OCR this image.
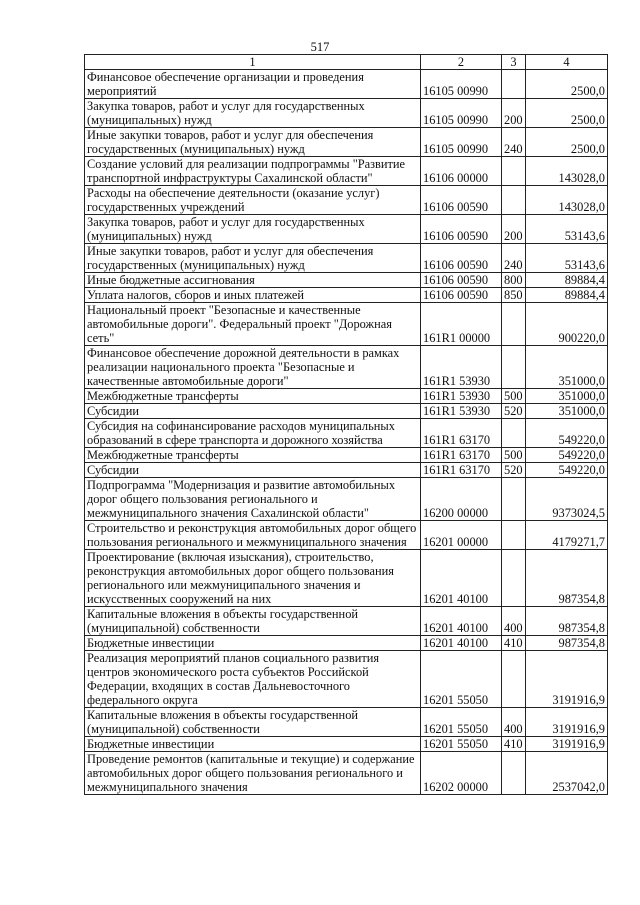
517
1	2	3	4
Финансовое обеспечение организации и проведения мероприятий	16105 00990		2500,0
Закупка товаров, работ и услуг для государственных (муниципальных) нужд	16105 00990	200	2500,0
Иные закупки товаров, работ и услуг для обеспечения государственных (муниципальных) нужд	16105 00990	240	2500,0
Создание условий для реализации подпрограммы "Развитие транспортной инфраструктуры Сахалинской области"	16106 00000		143028,0
Расходы на обеспечение деятельности (оказание услуг) государственных учреждений	16106 00590		143028,0
Закупка товаров, работ и услуг для государственных (муниципальных) нужд	16106 00590	200	53143,6
Иные закупки товаров, работ и услуг для обеспечения государственных (муниципальных) нужд	16106 00590	240	53143,6
Иные бюджетные ассигнования	16106 00590	800	89884,4
Уплата налогов, сборов и иных платежей	16106 00590	850	89884,4
Национальный проект "Безопасные и качественные автомобильные дороги". Федеральный проект "Дорожная сеть"	161R1 00000		900220,0
Финансовое обеспечение дорожной деятельности в рамках реализации национального проекта "Безопасные и качественные автомобильные дороги"	161R1 53930		351000,0
Межбюджетные трансферты	161R1 53930	500	351000,0
Субсидии	161R1 53930	520	351000,0
Субсидия на софинансирование расходов муниципальных образований в сфере транспорта и дорожного хозяйства	161R1 63170		549220,0
Межбюджетные трансферты	161R1 63170	500	549220,0
Субсидии	161R1 63170	520	549220,0
Подпрограмма "Модернизация и развитие автомобильных дорог общего пользования регионального и межмуниципального значения Сахалинской области"	16200 00000		9373024,5
Строительство и реконструкция автомобильных дорог общего пользования регионального и межмуниципального значения	16201 00000		4179271,7
Проектирование (включая изыскания), строительство, реконструкция автомобильных дорог общего пользования регионального или межмуниципального значения и искусственных сооружений на них	16201 40100		987354,8
Капитальные вложения в объекты государственной (муниципальной) собственности	16201 40100	400	987354,8
Бюджетные инвестиции	16201 40100	410	987354,8
Реализация мероприятий планов социального развития центров экономического роста субъектов Российской Федерации, входящих в состав Дальневосточного федерального округа	16201 55050		3191916,9
Капитальные вложения в объекты государственной (муниципальной) собственности	16201 55050	400	3191916,9
Бюджетные инвестиции	16201 55050	410	3191916,9
Проведение ремонтов (капитальные и текущие) и содержание автомобильных дорог общего пользования регионального и межмуниципального значения	16202 00000		2537042,0
